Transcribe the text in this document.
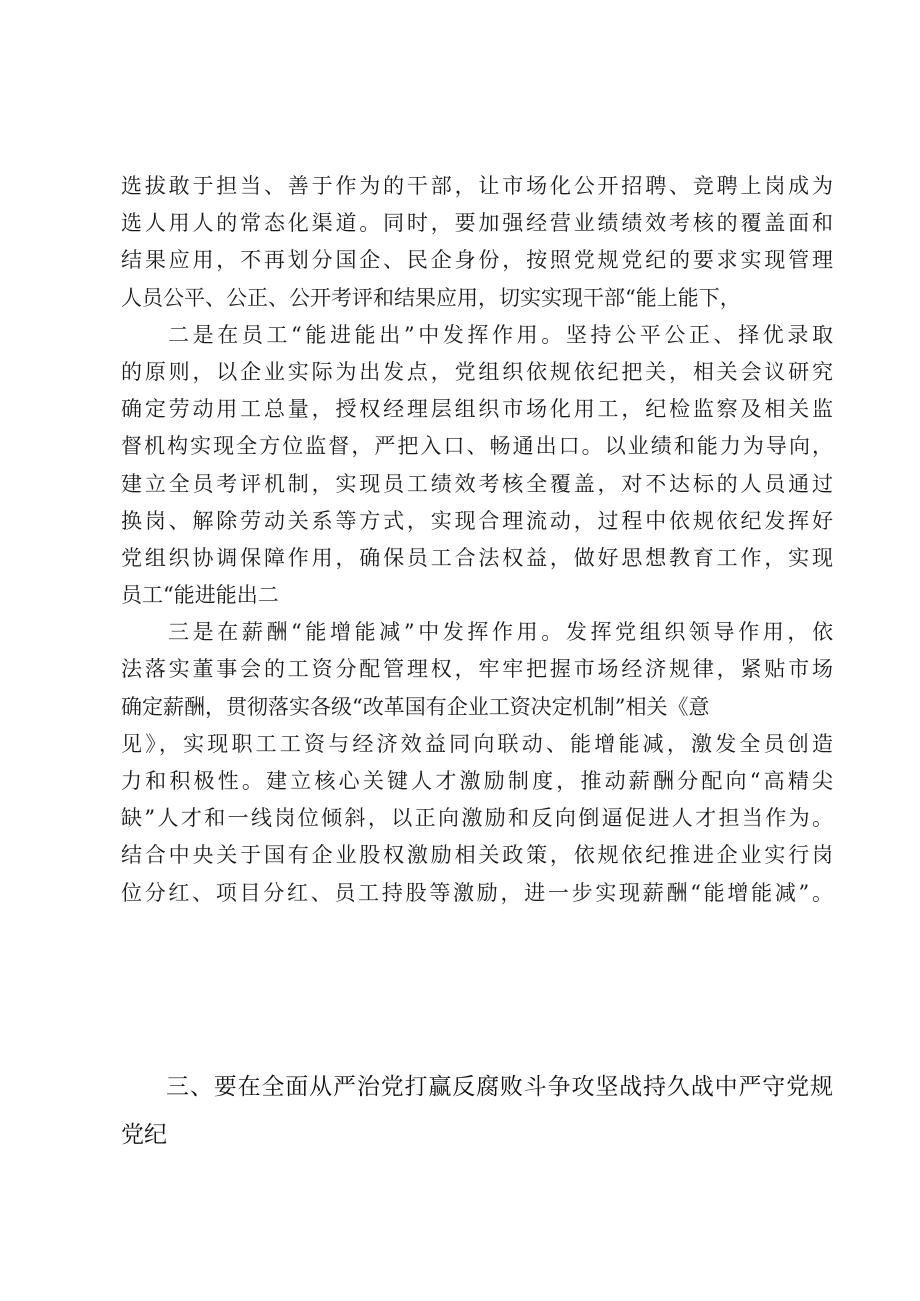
选拔敢于担当、善于作为的干部，让市场化公开招聘、竞聘上岗成为
选人用人的常态化渠道。同时，要加强经营业绩绩效考核的覆盖面和
结果应用，不再划分国企、民企身份，按照党规党纪的要求实现管理
人员公平、公正、公开考评和结果应用，切实实现干部“能上能下，
二是在员工“能进能出”中发挥作用。坚持公平公正、择优录取
的原则，以企业实际为出发点，党组织依规依纪把关，相关会议研究
确定劳动用工总量，授权经理层组织市场化用工，纪检监察及相关监
督机构实现全方位监督，严把入口、畅通出口。以业绩和能力为导向，
建立全员考评机制，实现员工绩效考核全覆盖，对不达标的人员通过
换岗、解除劳动关系等方式，实现合理流动，过程中依规依纪发挥好
党组织协调保障作用，确保员工合法权益，做好思想教育工作，实现
员工“能进能出二
三是在薪酬“能增能减”中发挥作用。发挥党组织领导作用，依
法落实董事会的工资分配管理权，牢牢把握市场经济规律，紧贴市场
确定薪酬，贯彻落实各级“改革国有企业工资决定机制”相关《意
见》，实现职工工资与经济效益同向联动、能增能减，激发全员创造
力和积极性。建立核心关键人才激励制度，推动薪酬分配向“高精尖
缺”人才和一线岗位倾斜，以正向激励和反向倒逼促进人才担当作为。
结合中央关于国有企业股权激励相关政策，依规依纪推进企业实行岗
位分红、项目分红、员工持股等激励，进一步实现薪酬“能增能减”。
三、要在全面从严治党打赢反腐败斗争攻坚战持久战中严守党规
党纪
